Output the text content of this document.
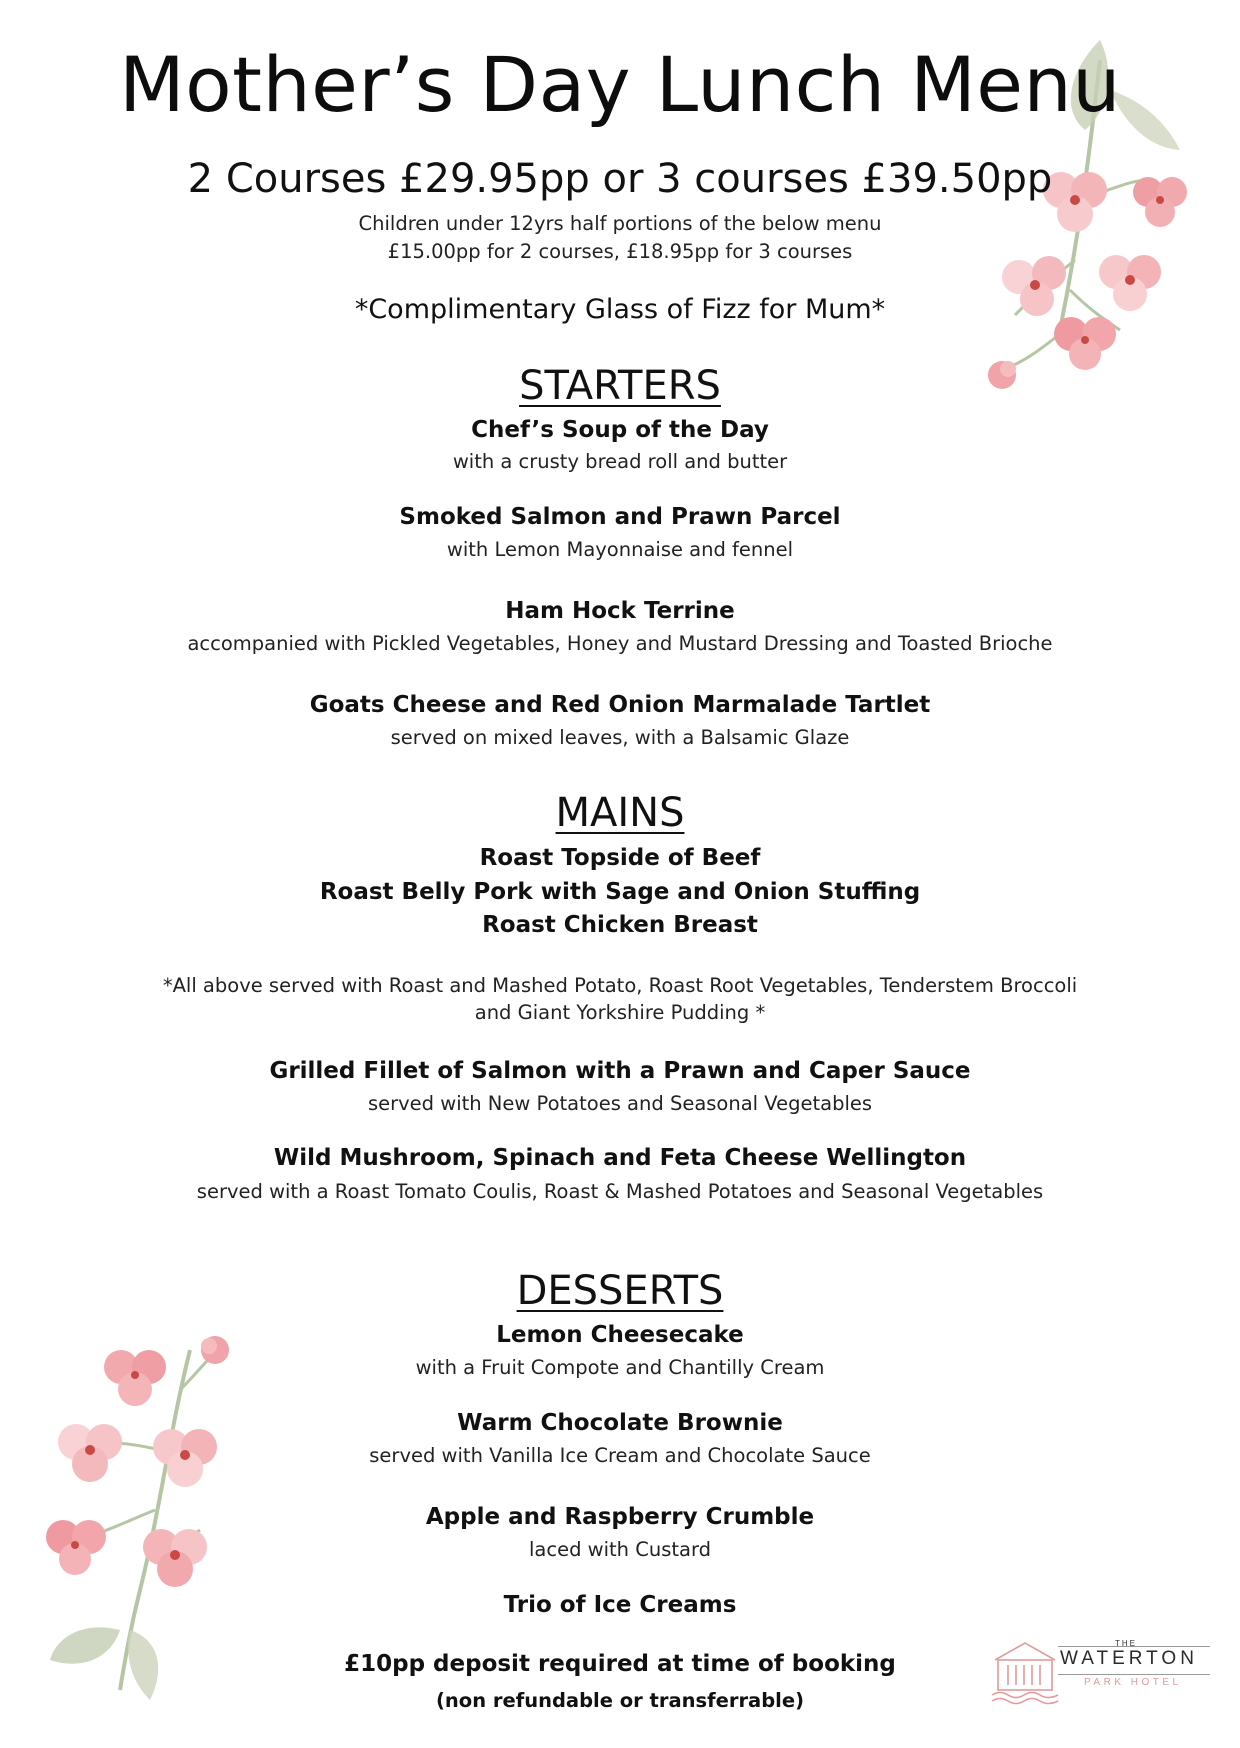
Mother’s Day Lunch Menu
2 Courses £29.95pp or 3 courses £39.50pp
Children under 12yrs half portions of the below menu
£15.00pp for 2 courses, £18.95pp for 3 courses
*Complimentary Glass of Fizz for Mum*
STARTERS
Chef’s Soup of the Day
with a crusty bread roll and butter
Smoked Salmon and Prawn Parcel
with Lemon Mayonnaise and fennel
Ham Hock Terrine
accompanied with Pickled Vegetables, Honey and Mustard Dressing and Toasted Brioche
Goats Cheese and Red Onion Marmalade Tartlet
served on mixed leaves, with a Balsamic Glaze
MAINS
Roast Topside of Beef
Roast Belly Pork with Sage and Onion Stuffing
Roast Chicken Breast
*All above served with Roast and Mashed Potato, Roast Root Vegetables, Tenderstem Broccoli
and Giant Yorkshire Pudding *
Grilled Fillet of Salmon with a Prawn and Caper Sauce
served with New Potatoes and Seasonal Vegetables
Wild Mushroom, Spinach and Feta Cheese Wellington
served with a Roast Tomato Coulis, Roast & Mashed Potatoes and Seasonal Vegetables
DESSERTS
Lemon Cheesecake
with a Fruit Compote and Chantilly Cream
Warm Chocolate Brownie
served with Vanilla Ice Cream and Chocolate Sauce
Apple and Raspberry Crumble
laced with Custard
Trio of Ice Creams
£10pp deposit required at time of booking
(non refundable or transferrable)
THE
WATERTON
PARK HOTEL
